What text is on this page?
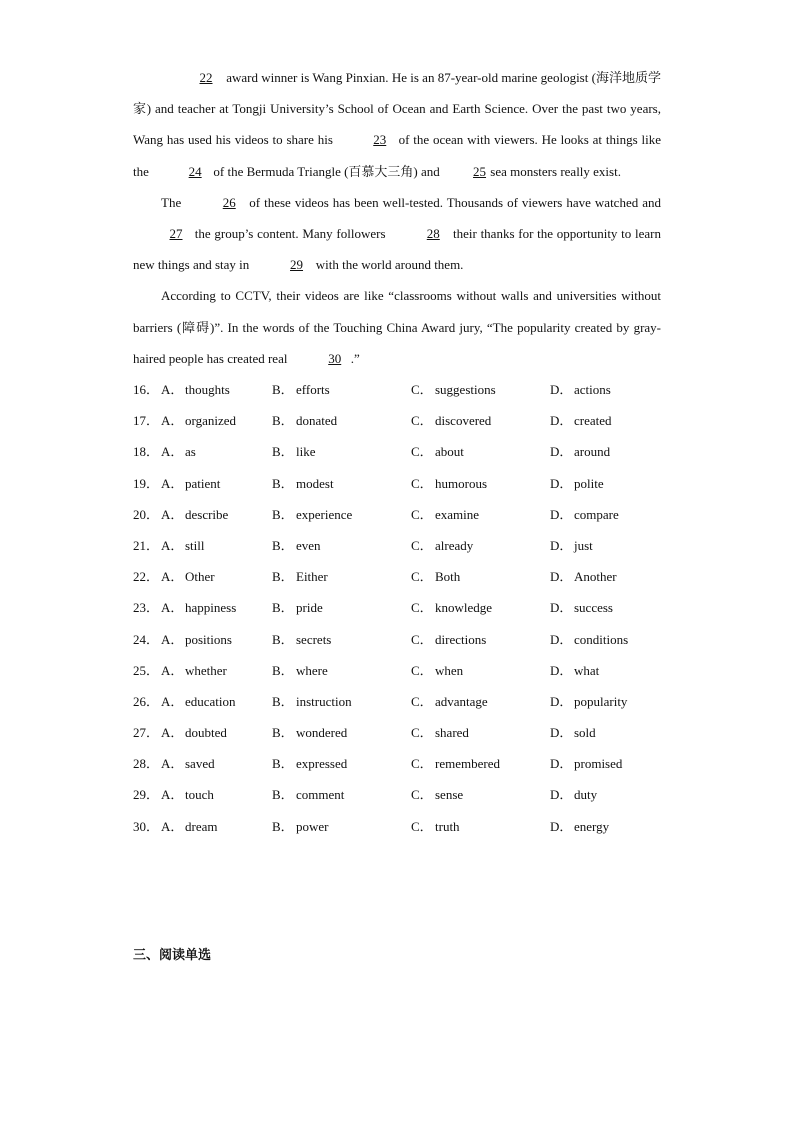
22 award winner is Wang Pinxian. He is an 87-year-old marine geologist (海洋地质学家) and teacher at Tongji University’s School of Ocean and Earth Science. Over the past two years, Wang has used his videos to share his	23 of the ocean with viewers. He looks at things like the	24 of the Bermuda Triangle (百慕大三角) and 25 sea monsters really exist.

The	26 of these videos has been well-tested. Thousands of viewers have watched and 27 the group’s content. Many followers	28 their thanks for the opportunity to learn new things and stay in	29 with the world around them.

According to CCTV, their videos are like “classrooms without walls and universities without barriers (障碍)”. In the words of the Touching China Award jury, “The popularity created by gray-haired people has created real	30 .”

16． A． thoughts	B． efforts	C． suggestions	D． actions
17． A． organized	B． donated	C． discovered	D． created
18． A． as	B． like	C． about	D． around
19． A． patient	B． modest	C． humorous	D． polite
20． A． describe	B． experience	C． examine	D． compare
21． A． still	B． even	C． already	D． just
22． A． Other	B． Either	C． Both	D． Another
23． A． happiness	B． pride	C． knowledge	D． success
24． A． positions	B． secrets	C． directions	D． conditions
25． A． whether	B． where	C． when	D． what
26． A． education	B． instruction	C． advantage	D． popularity
27． A． doubted	B． wondered	C． shared	D． sold
28． A． saved	B． expressed	C． remembered	D． promised
29． A． touch	B． comment	C． sense	D． duty
30． A． dream	B． power	C． truth	D． energy
三、阅读单选
